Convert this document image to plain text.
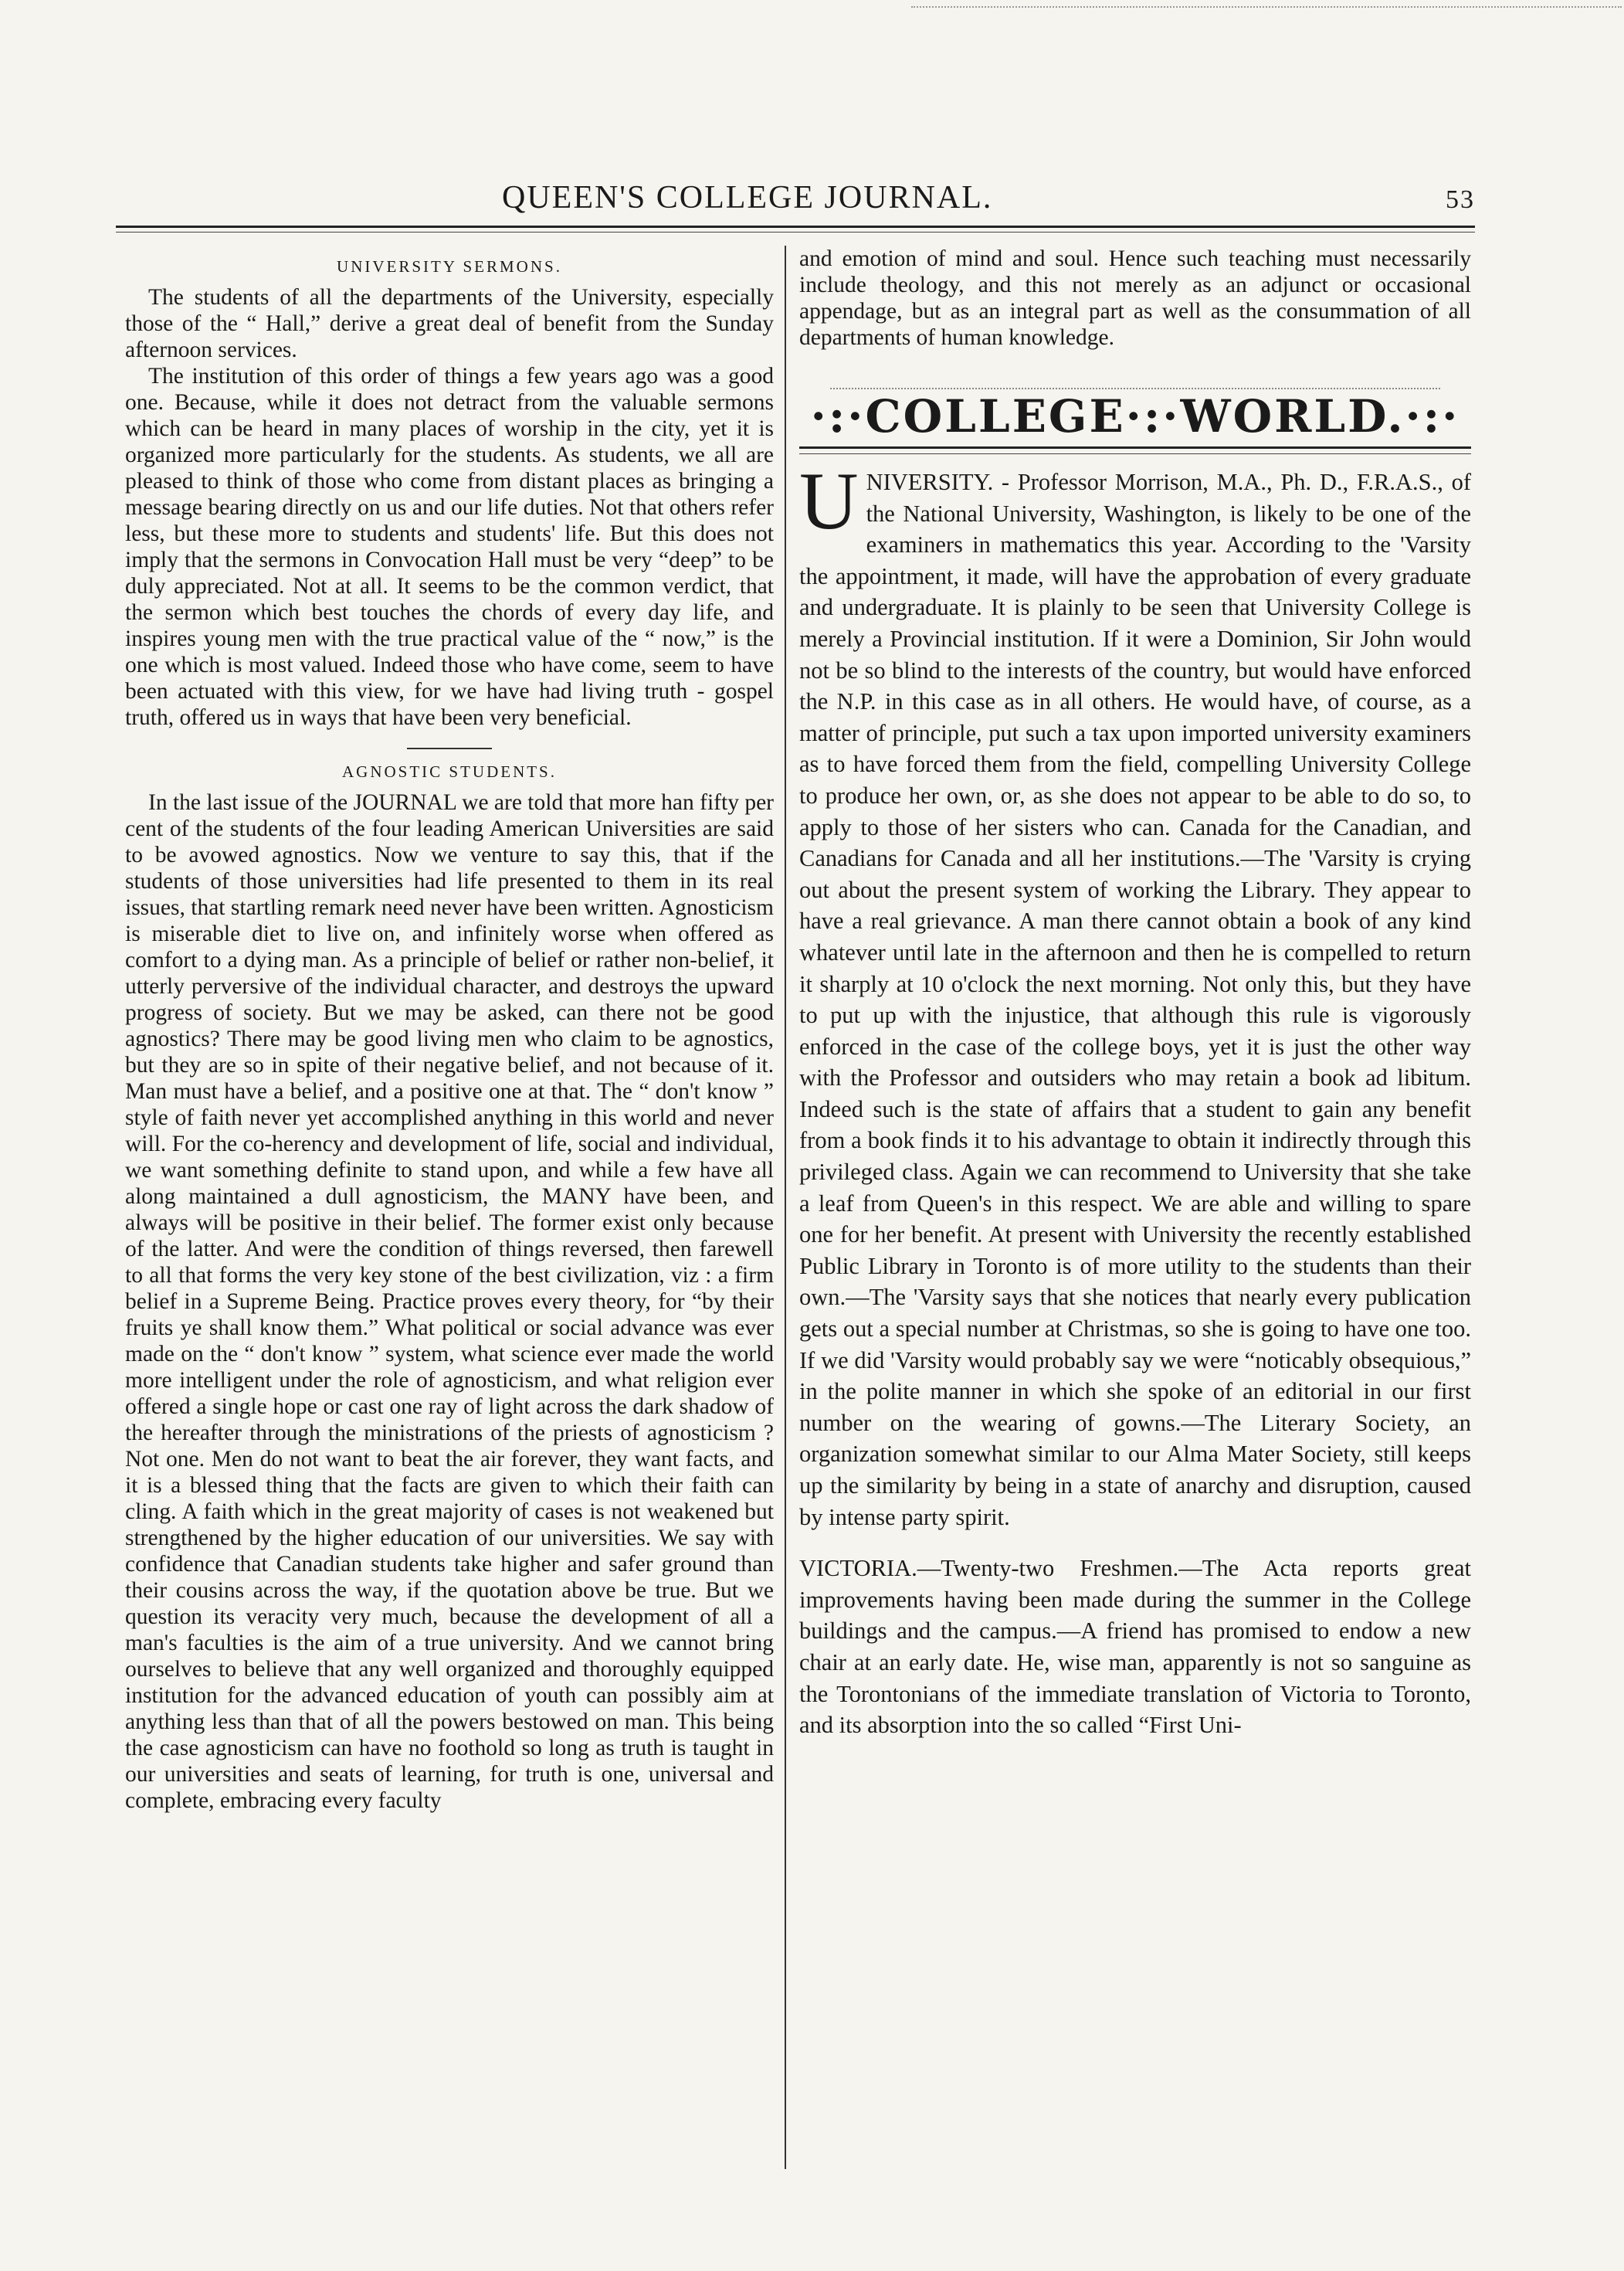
QUEEN'S COLLEGE JOURNAL.	53
UNIVERSITY SERMONS.

The students of all the departments of the University, especially those of the “ Hall,” derive a great deal of benefit from the Sunday afternoon services.

The institution of this order of things a few years ago was a good one. Because, while it does not detract from the valuable sermons which can be heard in many places of worship in the city, yet it is organized more particularly for the students. As students, we all are pleased to think of those who come from distant places as bringing a message bearing directly on us and our life duties. Not that others refer less, but these more to students and students' life. But this does not imply that the sermons in Convocation Hall must be very “deep” to be duly appreciated. Not at all. It seems to be the common verdict, that the sermon which best touches the chords of every day life, and inspires young men with the true practical value of the “ now,” is the one which is most valued. Indeed those who have come, seem to have been actuated with this view, for we have had living truth - gospel truth, offered us in ways that have been very beneficial.

AGNOSTIC STUDENTS.

In the last issue of the JOURNAL we are told that more han fifty per cent of the students of the four leading American Universities are said to be avowed agnostics. Now we venture to say this, that if the students of those universities had life presented to them in its real issues, that startling remark need never have been written. Agnosticism is miserable diet to live on, and infinitely worse when offered as comfort to a dying man. As a principle of belief or rather non-belief, it utterly perversive of the individual character, and destroys the upward progress of society. But we may be asked, can there not be good agnostics? There may be good living men who claim to be agnostics, but they are so in spite of their negative belief, and not because of it. Man must have a belief, and a positive one at that. The “ don't know ” style of faith never yet accomplished anything in this world and never will. For the co-herency and development of life, social and individual, we want something definite to stand upon, and while a few have all along maintained a dull agnosticism, the MANY have been, and always will be positive in their belief. The former exist only because of the latter. And were the condition of things reversed, then farewell to all that forms the very key stone of the best civilization, viz : a firm belief in a Supreme Being. Practice proves every theory, for “by their fruits ye shall know them.” What political or social advance was ever made on the “ don't know ” system, what science ever made the world more intelligent under the role of agnosticism, and what religion ever offered a single hope or cast one ray of light across the dark shadow of the hereafter through the ministrations of the priests of agnosticism ? Not one. Men do not want to beat the air forever, they want facts, and it is a blessed thing that the facts are given to which their faith can cling. A faith which in the great majority of cases is not weakened but strengthened by the higher education of our universities. We say with confidence that Canadian students take higher and safer ground than their cousins across the way, if the quotation above be true. But we question its veracity very much, because the development of all a man's faculties is the aim of a true university. And we cannot bring ourselves to believe that any well organized and thoroughly equipped institution for the advanced education of youth can possibly aim at anything less than that of all the powers bestowed on man. This being the case agnosticism can have no foothold so long as truth is taught in our universities and seats of learning, for truth is one, universal and complete, embracing every faculty

and emotion of mind and soul. Hence such teaching must necessarily include theology, and this not merely as an adjunct or occasional appendage, but as an integral part as well as the consummation of all departments of human knowledge.

·:·COLLEGE·:·WORLD.·:·
U NIVERSITY. - Professor Morrison, M.A., Ph. D., F.R.A.S., of the National University, Washington, is likely to be one of the examiners in mathematics this year. According to the 'Varsity the appointment, it made, will have the approbation of every graduate and undergraduate. It is plainly to be seen that University College is merely a Provincial institution. If it were a Dominion, Sir John would not be so blind to the interests of the country, but would have enforced the N.P. in this case as in all others. He would have, of course, as a matter of principle, put such a tax upon imported university examiners as to have forced them from the field, compelling University College to produce her own, or, as she does not appear to be able to do so, to apply to those of her sisters who can. Canada for the Canadian, and Canadians for Canada and all her institutions.—The 'Varsity is crying out about the present system of working the Library. They appear to have a real grievance. A man there cannot obtain a book of any kind whatever until late in the afternoon and then he is compelled to return it sharply at 10 o'clock the next morning. Not only this, but they have to put up with the injustice, that although this rule is vigorously enforced in the case of the college boys, yet it is just the other way with the Professor and outsiders who may retain a book ad libitum. Indeed such is the state of affairs that a student to gain any benefit from a book finds it to his advantage to obtain it indirectly through this privileged class. Again we can recommend to University that she take a leaf from Queen's in this respect. We are able and willing to spare one for her benefit. At present with University the recently established Public Library in Toronto is of more utility to the students than their own.—The 'Varsity says that she notices that nearly every publication gets out a special number at Christmas, so she is going to have one too. If we did 'Varsity would probably say we were “noticably obsequious,” in the polite manner in which she spoke of an editorial in our first number on the wearing of gowns.—The Literary Society, an organization somewhat similar to our Alma Mater Society, still keeps up the similarity by being in a state of anarchy and disruption, caused by intense party spirit.

VICTORIA.—Twenty-two Freshmen.—The Acta reports great improvements having been made during the summer in the College buildings and the campus.—A friend has promised to endow a new chair at an early date. He, wise man, apparently is not so sanguine as the Torontonians of the immediate translation of Victoria to Toronto, and its absorption into the so called “First Uni-
